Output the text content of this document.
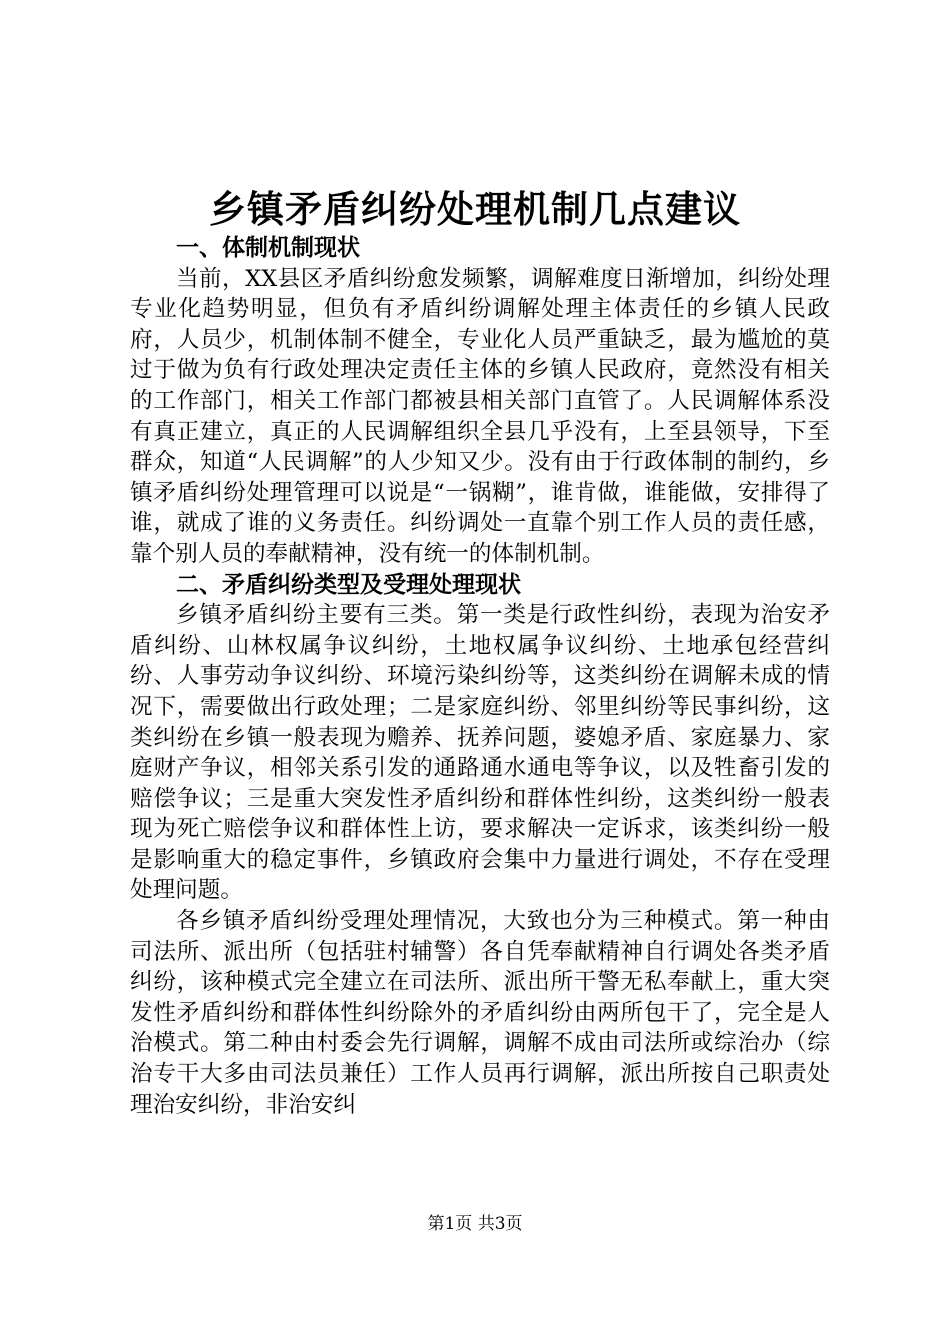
乡镇矛盾纠纷处理机制几点建议

一、体制机制现状

当前，XX县区矛盾纠纷愈发频繁，调解难度日渐增加，纠纷处理专业化趋势明显，但负有矛盾纠纷调解处理主体责任的乡镇人民政府，人员少，机制体制不健全，专业化人员严重缺乏，最为尴尬的莫过于做为负有行政处理决定责任主体的乡镇人民政府，竟然没有相关的工作部门，相关工作部门都被县相关部门直管了。人民调解体系没有真正建立，真正的人民调解组织全县几乎没有，上至县领导，下至群众，知道“人民调解”的人少知又少。没有由于行政体制的制约，乡镇矛盾纠纷处理管理可以说是“一锅糊”，谁肯做，谁能做，安排得了谁，就成了谁的义务责任。纠纷调处一直靠个别工作人员的责任感，靠个别人员的奉献精神，没有统一的体制机制。

二、矛盾纠纷类型及受理处理现状

乡镇矛盾纠纷主要有三类。第一类是行政性纠纷，表现为治安矛盾纠纷、山林权属争议纠纷，土地权属争议纠纷、土地承包经营纠纷、人事劳动争议纠纷、环境污染纠纷等，这类纠纷在调解未成的情况下，需要做出行政处理；二是家庭纠纷、邻里纠纷等民事纠纷，这类纠纷在乡镇一般表现为赡养、抚养问题，婆媳矛盾、家庭暴力、家庭财产争议，相邻关系引发的通路通水通电等争议，以及牲畜引发的赔偿争议；三是重大突发性矛盾纠纷和群体性纠纷，这类纠纷一般表现为死亡赔偿争议和群体性上访，要求解决一定诉求，该类纠纷一般是影响重大的稳定事件，乡镇政府会集中力量进行调处，不存在受理处理问题。

各乡镇矛盾纠纷受理处理情况，大致也分为三种模式。第一种由司法所、派出所（包括驻村辅警）各自凭奉献精神自行调处各类矛盾纠纷，该种模式完全建立在司法所、派出所干警无私奉献上，重大突发性矛盾纠纷和群体性纠纷除外的矛盾纠纷由两所包干了，完全是人治模式。第二种由村委会先行调解，调解不成由司法所或综治办（综治专干大多由司法员兼任）工作人员再行调解，派出所按自己职责处理治安纠纷，非治安纠

第1页 共3页
